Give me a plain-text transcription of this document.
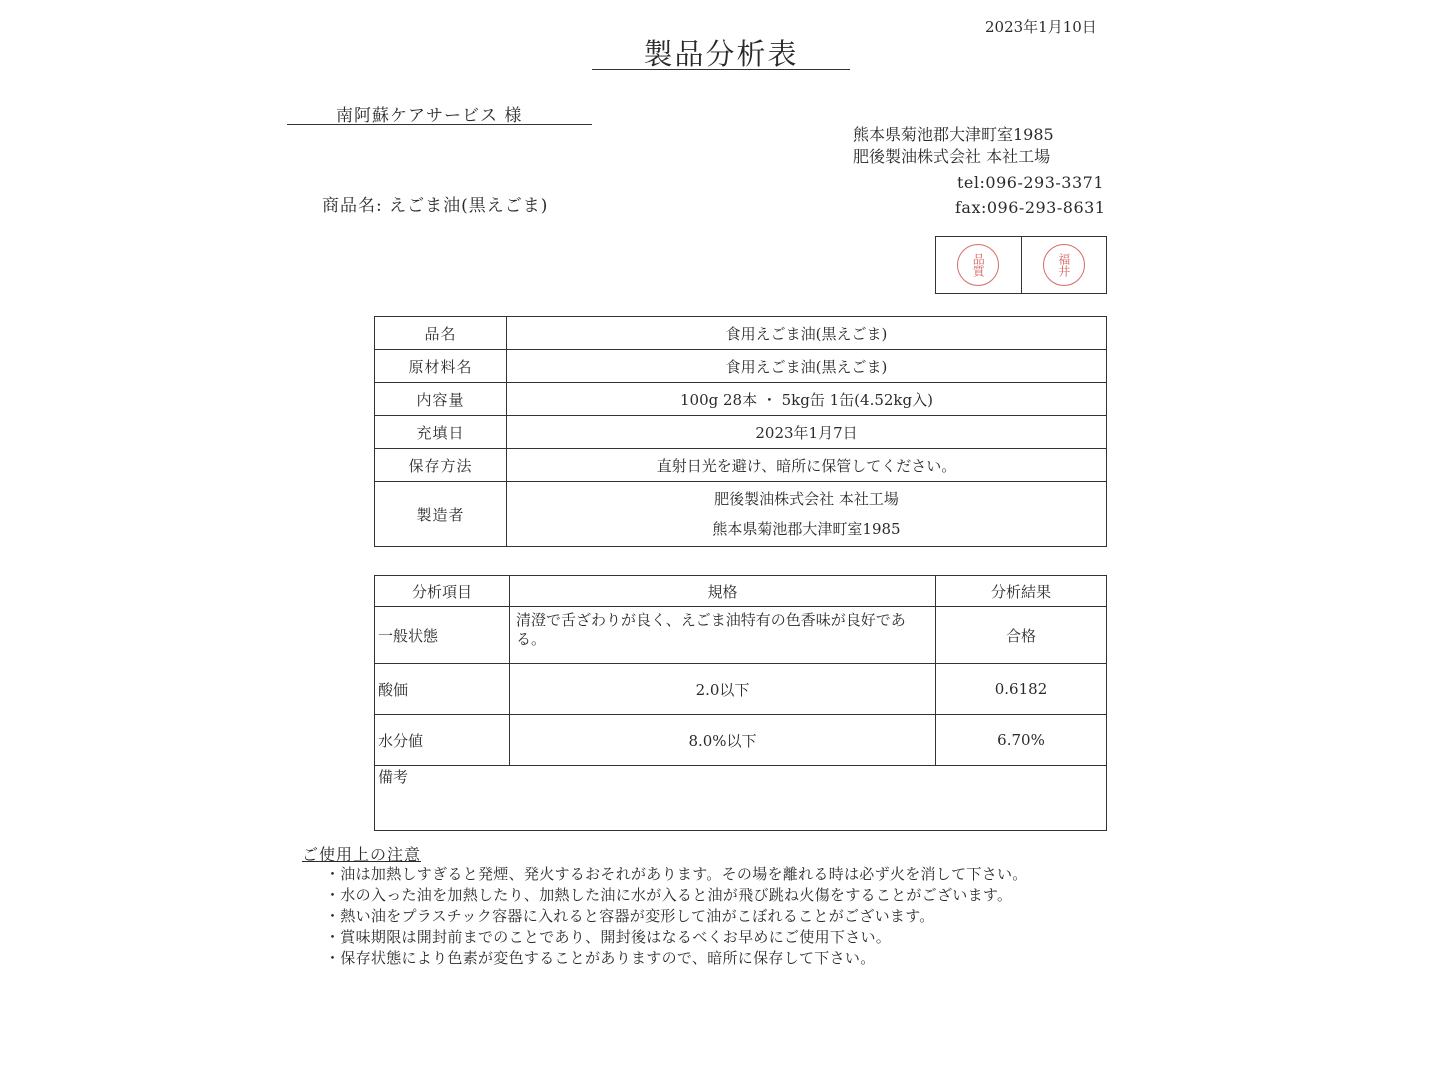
2023年1月10日
製品分析表
南阿蘇ケアサービス 様
熊本県菊池郡大津町室1985
肥後製油株式会社 本社工場
tel:096-293-3371
fax:096-293-8631
商品名: えごま油(黒えごま)
品質	福井
品名	食用えごま油(黒えごま)
原材料名	食用えごま油(黒えごま)
内容量	100g 28本 ・ 5kg缶 1缶(4.52kg入)
充填日	2023年1月7日
保存方法	直射日光を避け、暗所に保管してください。
製造者	肥後製油株式会社 本社工場
熊本県菊池郡大津町室1985
分析項目	規格	分析結果
一般状態	清澄で舌ざわりが良く、えごま油特有の色香味が良好である。	合格
酸価	2.0以下	0.6182
水分値	8.0%以下	6.70%
備考		
ご使用上の注意
・油は加熱しすぎると発煙、発火するおそれがあります。その場を離れる時は必ず火を消して下さい。
・水の入った油を加熱したり、加熱した油に水が入ると油が飛び跳ね火傷をすることがございます。
・熱い油をプラスチック容器に入れると容器が変形して油がこぼれることがございます。
・賞味期限は開封前までのことであり、開封後はなるべくお早めにご使用下さい。
・保存状態により色素が変色することがありますので、暗所に保存して下さい。
